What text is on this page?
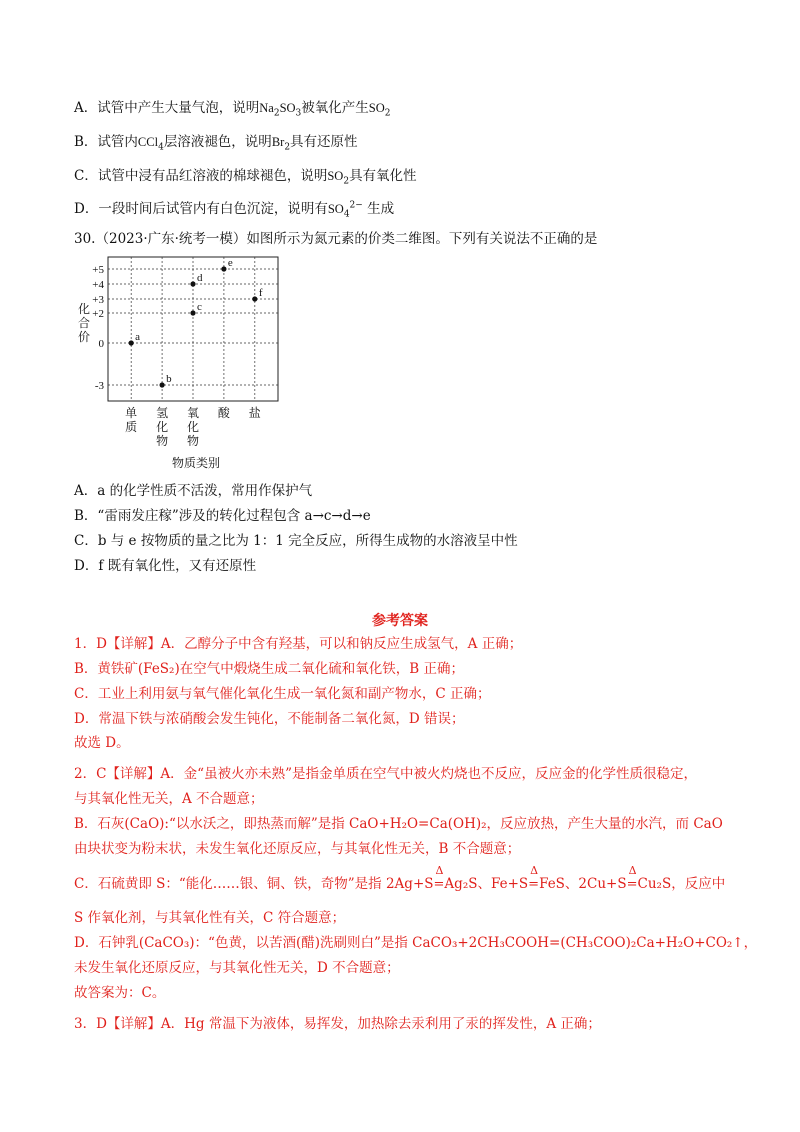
A．试管中产生大量气泡，说明$Na_2SO_3$被氧化产生$SO_2$
B．试管内CCl$_4$层溶液褪色，说明$Br_2$具有还原性
C．试管中浸有品红溶液的棉球褪色，说明$SO_2$具有氧化性
D．一段时间后试管内有白色沉淀，说明有$SO_4^{2-}$ 生成
30.（2023·广东·统考一模）如图所示为氮元素的价类二维图。下列有关说法不正确的是
+5
+4
+3
+2
0
-3
单
质
氢
化
物
氧
化
物
酸 盐
化
合
价
物质类别
a
b
c
d
e
f
A．a 的化学性质不活泼，常用作保护气
B．“雷雨发庄稼”涉及的转化过程包含 a→c→d→e
C．b 与 e 按物质的量之比为 1：1 完全反应，所得生成物的水溶液呈中性
D．f 既有氧化性，又有还原性
参考答案
1．D【详解】A．乙醇分子中含有羟基，可以和钠反应生成氢气，A 正确；
B．黄铁矿(FeS₂)在空气中煅烧生成二氧化硫和氧化铁，B 正确；
C．工业上利用氨与氧气催化氧化生成一氧化氮和副产物水，C 正确；
D．常温下铁与浓硝酸会发生钝化，不能制备二氧化氮，D 错误；
故选 D。
2．C【详解】A．金“虽被火亦未熟”是指金单质在空气中被火灼烧也不反应，反应金的化学性质很稳定，
与其氧化性无关，A 不合题意；
B．石灰(CaO):“以水沃之，即热蒸而解”是指 CaO+H₂O=Ca(OH)₂，反应放热，产生大量的水汽，而 CaO
由块状变为粉末状，未发生氧化还原反应，与其氧化性无关，B 不合题意；
C．石硫黄即 S：“能化……银、铜、铁，奇物”是指 2Ag+S
Δ
=Ag₂S、Fe+S
Δ
=FeS、2Cu+S
Δ
=Cu₂S，反应中
S 作氧化剂，与其氧化性有关，C 符合题意；
D．石钟乳(CaCO₃)：“色黄，以苦酒(醋)洗刷则白”是指 CaCO₃+2CH₃COOH=(CH₃COO)₂Ca+H₂O+CO₂↑，
未发生氧化还原反应，与其氧化性无关，D 不合题意；
故答案为：C。
3．D【详解】A．Hg 常温下为液体，易挥发，加热除去汞利用了汞的挥发性，A 正确；
